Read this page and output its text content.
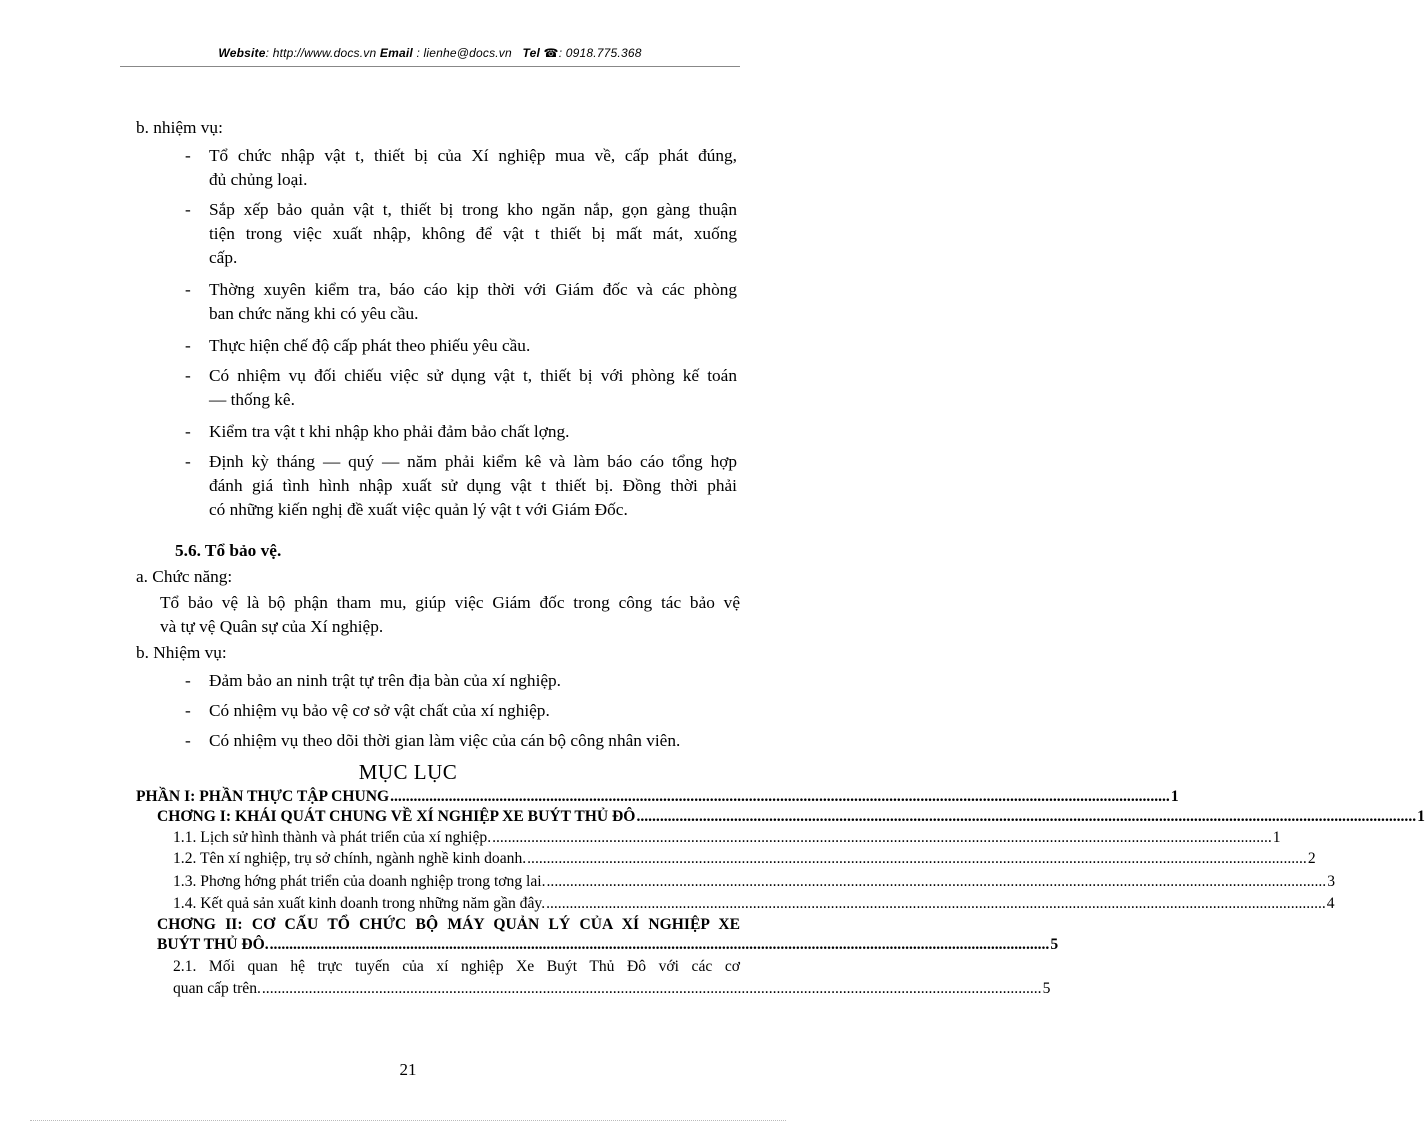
Website: http://www.docs.vn Email : lienhe@docs.vn Tel ☎: 0918.775.368
b. nhiệm vụ:
- Tổ chức nhập vật t, thiết bị của Xí nghiệp mua về, cấp phát đúng,
đủ chủng loại.
- Sắp xếp bảo quản vật t, thiết bị trong kho ngăn nắp, gọn gàng thuận
tiện trong việc xuất nhập, không để vật t thiết bị mất mát, xuống
cấp.
- Thờng xuyên kiểm tra, báo cáo kịp thời với Giám đốc và các phòng
ban chức năng khi có yêu cầu.
- Thực hiện chế độ cấp phát theo phiếu yêu cầu.
- Có nhiệm vụ đối chiếu việc sử dụng vật t, thiết bị với phòng kế toán
— thống kê.
- Kiểm tra vật t khi nhập kho phải đảm bảo chất lợng.
- Định kỳ tháng — quý — năm phải kiểm kê và làm báo cáo tổng hợp
đánh giá tình hình nhập xuất sử dụng vật t thiết bị. Đồng thời phải
có những kiến nghị đề xuất việc quản lý vật t với Giám Đốc.
5.6. Tổ bảo vệ.
a. Chức năng:
Tổ bảo vệ là bộ phận tham mu, giúp việc Giám đốc trong công tác bảo vệ
và tự vệ Quân sự của Xí nghiệp.
b. Nhiệm vụ:
- Đảm bảo an ninh trật tự trên địa bàn của xí nghiệp.
- Có nhiệm vụ bảo vệ cơ sở vật chất của xí nghiệp.
- Có nhiệm vụ theo dõi thời gian làm việc của cán bộ công nhân viên.
MỤC LỤC
PHẦN I: PHẦN THỰC TẬP CHUNG ........................................................................................................................................................................................................ 1
CHƠNG I: KHÁI QUÁT CHUNG VỀ XÍ NGHIỆP XE BUÝT THỦ ĐÔ ........................................................................................................................................................................................................ 1
1.1. Lịch sử hình thành và phát triển của xí nghiệp. ........................................................................................................................................................................................................ 1
1.2. Tên xí nghiệp, trụ sở chính, ngành nghề kinh doanh. ........................................................................................................................................................................................................ 2
1.3. Phơng hớng phát triển của doanh nghiệp trong tơng lai. ........................................................................................................................................................................................................ 3
1.4. Kết quả sản xuất kinh doanh trong những năm gần đây. ........................................................................................................................................................................................................ 4
CHƠNG II: CƠ CẤU TỔ CHỨC BỘ MÁY QUẢN LÝ CỦA XÍ NGHIỆP XE
BUÝT THỦ ĐÔ. ........................................................................................................................................................................................................ 5
2.1. Mối quan hệ trực tuyến của xí nghiệp Xe Buýt Thủ Đô với các cơ
quan cấp trên. ........................................................................................................................................................................................................ 5
21
